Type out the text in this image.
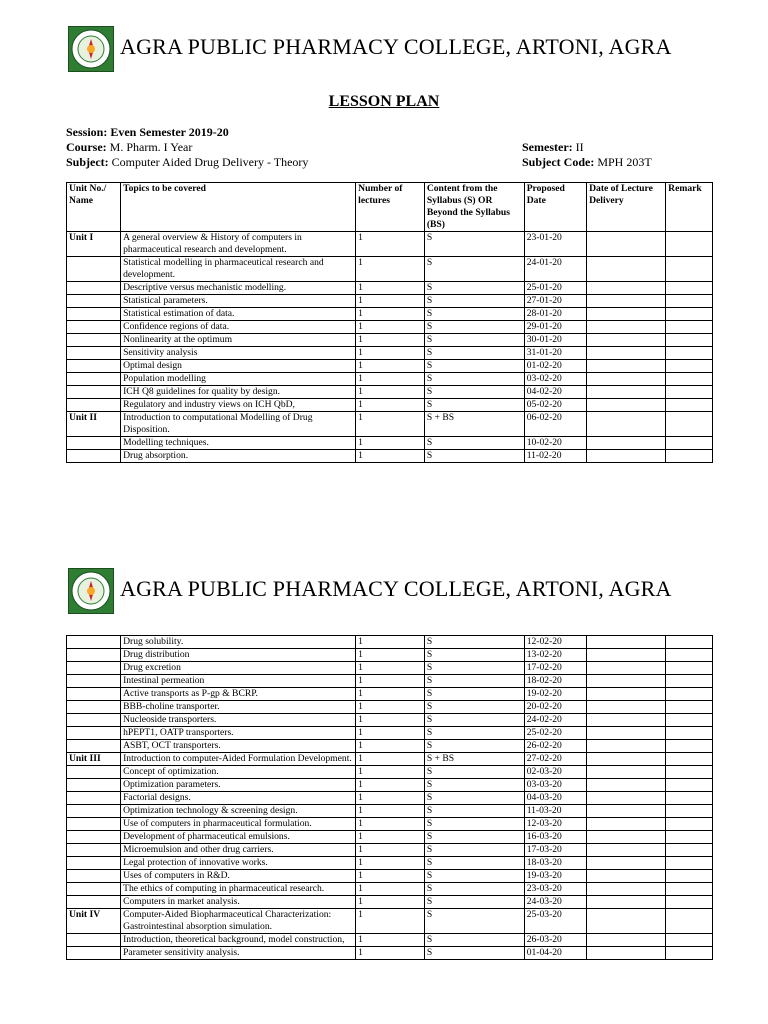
AGRA PUBLIC PHARMACY COLLEGE, ARTONI, AGRA
LESSON PLAN
Session: Even Semester 2019-20
Course: M. Pharm. I Year
Subject: Computer Aided Drug Delivery - Theory
Semester: II
Subject Code: MPH 203T
Unit No./ Name	Topics to be covered	Number of lectures	Content from the Syllabus (S) OR Beyond the Syllabus (BS)	Proposed Date	Date of Lecture Delivery	Remark
Unit I	A general overview & History of computers in pharmaceutical research and development.	1	S	23-01-20		
	Statistical modelling in pharmaceutical research and development.	1	S	24-01-20		
	Descriptive versus mechanistic modelling.	1	S	25-01-20		
	Statistical parameters.	1	S	27-01-20		
	Statistical estimation of data.	1	S	28-01-20		
	Confidence regions of data.	1	S	29-01-20		
	Nonlinearity at the optimum	1	S	30-01-20		
	Sensitivity analysis	1	S	31-01-20		
	Optimal design	1	S	01-02-20		
	Population modelling	1	S	03-02-20		
	ICH Q8 guidelines for quality by design.	1	S	04-02-20		
	Regulatory and industry views on ICH QbD,	1	S	05-02-20		
Unit II	Introduction to computational Modelling of Drug Disposition.	1	S + BS	06-02-20		
	Modelling techniques.	1	S	10-02-20		
	Drug absorption.	1	S	11-02-20		
AGRA PUBLIC PHARMACY COLLEGE, ARTONI, AGRA
	Drug solubility.	1	S	12-02-20		
	Drug distribution	1	S	13-02-20		
	Drug excretion	1	S	17-02-20		
	Intestinal permeation	1	S	18-02-20		
	Active transports as P-gp & BCRP.	1	S	19-02-20		
	BBB-choline transporter.	1	S	20-02-20		
	Nucleoside transporters.	1	S	24-02-20		
	hPEPT1, OATP transporters.	1	S	25-02-20		
	ASBT, OCT transporters.	1	S	26-02-20		
Unit III	Introduction to computer-Aided Formulation Development.	1	S + BS	27-02-20		
	Concept of optimization.	1	S	02-03-20		
	Optimization parameters.	1	S	03-03-20		
	Factorial designs.	1	S	04-03-20		
	Optimization technology & screening design.	1	S	11-03-20		
	Use of computers in pharmaceutical formulation.	1	S	12-03-20		
	Development of pharmaceutical emulsions.	1	S	16-03-20		
	Microemulsion and other drug carriers.	1	S	17-03-20		
	Legal protection of innovative works.	1	S	18-03-20		
	Uses of computers in R&D.	1	S	19-03-20		
	The ethics of computing in pharmaceutical research.	1	S	23-03-20		
	Computers in market analysis.	1	S	24-03-20		
Unit IV	Computer-Aided Biopharmaceutical Characterization: Gastrointestinal absorption simulation.	1	S	25-03-20		
	Introduction, theoretical background, model construction,	1	S	26-03-20		
	Parameter sensitivity analysis.	1	S	01-04-20		
